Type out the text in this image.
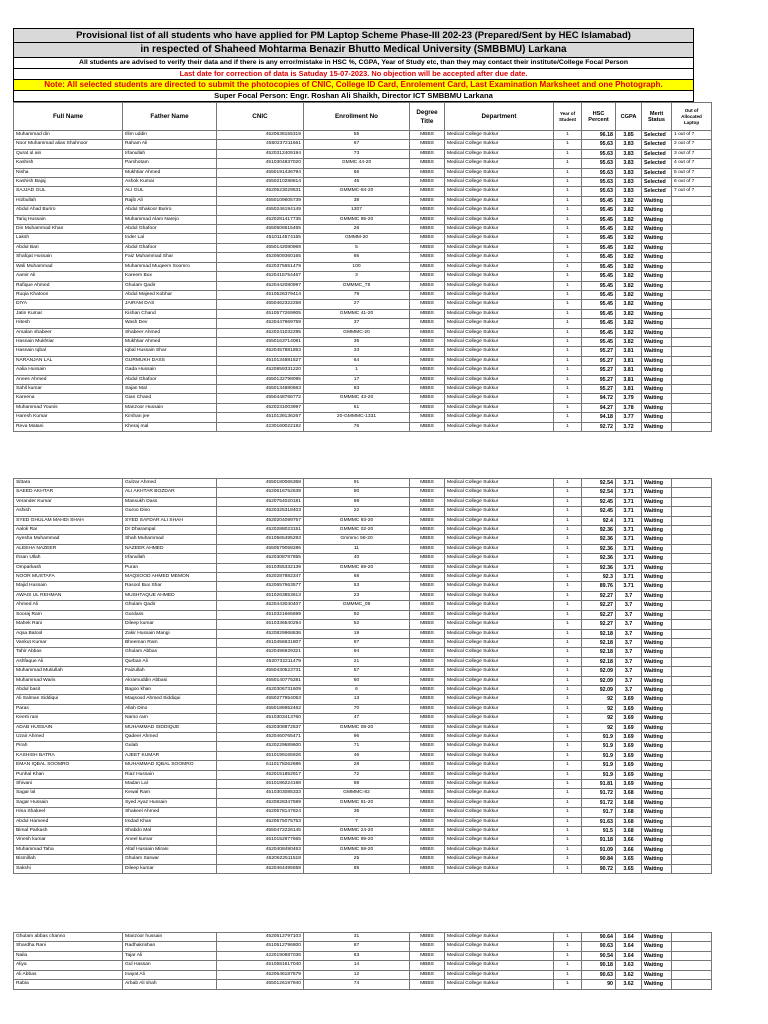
Provisional list of all students who have applied for PM Laptop Scheme Phase-III 202-23 (Prepared/Sent by HEC Islamabad)
in respected of Shaheed Mohtarma Benazir Bhutto Medical University (SMBBMU) Larkana
All students are advised to verify their data and if there is any error/mistake in HSC %, CGPA, Year of Study etc, than they may contact their institute/College Focal Person
Last date for correction of data is Satuday 15-07-2023. No objection will be accepted after due date.
Note: All selected students are directed to submit the photocopies of CNIC, College ID Card, Enrolement Card, Last Examination Marksheet and one Photograph.
Super Focal Person: Engr. Roshan Ali Shaikh, Director ICT SMBBMU Larkana
Full Name	Father Name	CNIC	Enrollment No	Degree Title	Department	Year of Student	HSC Percent	CGPA	Merit Status	Out of Allocated Laptop
Muhammad din	Illim uddin	4520638155319	55	MBBS	Medical College Sukkur	1	96.18	3.85	Selected	1 out of 7
Noor Muhammad alias Shahnoor	Raham Ali	4550237211661	67	MBBS	Medical College Sukkur	1	95.63	3.83	Selected	2 out of 7
Qurat ul ain	Irfanullah	4520312409194	73	MBBS	Medical College Sukkur	1	95.63	3.83	Selected	3 out of 7
Kashish	Parshotam	4510304837020	GMMC 44-20	MBBS	Medical College Sukkur	1	95.63	3.83	Selected	4 out of 7
Nisha	Mukhtiar Ahmed	4550191436794	66	MBBS	Medical College Sukkur	1	95.63	3.83	Selected	5 out of 7
Kashish Bajaj	Ashok Kumar	4550210288814	45	MBBS	Medical College Sukkur	1	95.63	3.83	Selected	6 out of 7
SAJJAD GUL	ALI GUL	4520523029531	GMMMC-84-20	MBBS	Medical College Sukkur	1	95.63	3.83	Selected	7 out of 7
Hizbullah	Rajib Ali	4550109605739	38	MBBS	Medical College Sukkur	1	95.45	3.82	Waiting	
Abdul Ahad Buriro	Abdul Shakoor Buriro	4550246194149	1307	MBBS	Medical College Sukkur	1	95.45	3.82	Waiting	
Tariq Hussain	Muhammad Alam Narejo	4520281417735	GMMMC 95-20	MBBS	Medical College Sukkur	1	95.45	3.82	Waiting	
Din Muhammad Khan	Abdul Ghafoor	4550506615455	26	MBBS	Medical College Sukkur	1	95.45	3.82	Waiting	
Laksh	Inder Lal	4510114574155	GMMM-20	MBBS	Medical College Sukkur	1	95.45	3.82	Waiting	
Abdul Bari	Abdul Ghafoor	4550142080969	5	MBBS	Medical College Sukkur	1	95.45	3.82	Waiting	
Shafqat Hussain	Faiz Muhammad Shar	4520609360165	86	MBBS	Medical College Sukkur	1	95.45	3.82	Waiting	
Wali Muhammad	Muhammad Muqeem Soomro	4520375651479	100	MBBS	Medical College Sukkur	1	95.45	3.82	Waiting	
Aamir Ali	Kareem Bux	4520415754467	3	MBBS	Medical College Sukkur	1	95.45	3.82	Waiting	
Rafique Ahmed	Ghulam Qadir	4520442080997	GMMMC_75	MBBS	Medical College Sukkur	1	95.45	3.82	Waiting	
Ruqia Khatoon	Abdul Majeed Kobhar	4510526379414	79	MBBS	Medical College Sukkur	1	95.45	3.82	Waiting	
DIYA	JAIRAM DAS	4550462322258	27	MBBS	Medical College Sukkur	1	95.45	3.82	Waiting	
Jatin Kumar	Kishan Chand	4510577269905	GMMMC 41-20	MBBS	Medical College Sukkur	1	95.45	3.82	Waiting	
Hitesh	Wash Dev	4520447969759	37	MBBS	Medical College Sukkur	1	95.45	3.82	Waiting	
Arsalan shabeer	Shabeer Ahmed	4520241032295	GMMMC-20	MBBS	Medical College Sukkur	1	95.45	3.82	Waiting	
Hasnain Mukhtiar	Mukhtiar Ahmed	4550163714081	35	MBBS	Medical College Sukkur	1	95.45	3.82	Waiting	
Hasnain Iqbal	Iqbal Hussain Shar	4520457881853	33	MBBS	Medical College Sukkur	1	95.27	3.81	Waiting	
NARANJAN LAL	GURMUKH DASS	4510134881527	64	MBBS	Medical College Sukkur	1	95.27	3.81	Waiting	
Aalia Hussain	Gada Hussain	4520859331220	1	MBBS	Medical College Sukkur	1	95.27	3.81	Waiting	
Anees Ahmed	Abdul Ghafoor	4550132798095	17	MBBS	Medical College Sukkur	1	95.27	3.81	Waiting	
Sahil kumar	Sajan Mal	4550134880663	83	MBBS	Medical College Sukkur	1	95.27	3.81	Waiting	
Kareena	Gian Chand	4550448766772	GMMMC 43-20	MBBS	Medical College Sukkur	1	94.72	3.79	Waiting	
Muhammad Younis	Manzoor Hussain	4520231003997	61	MBBS	Medical College Sukkur	1	94.27	3.78	Waiting	
Haresh Kumar	Kirshan jee	4510139136267	20-GMMMC-1331	MBBS	Medical College Sukkur	1	94.18	3.77	Waiting	
Reva Matani	Kheraj mal	4230160022192	76	MBBS	Medical College Sukkur	1	92.72	3.72	Waiting	
Sittara	Gulzar Ahmed	4550180065368	91	MBBS	Medical College Sukkur	1	92.54	3.71	Waiting	
SAEED AKHTAR	ALI AKHTAR BOZDAR	4520616752639	80	MBBS	Medical College Sukkur	1	92.54	3.71	Waiting	
Verander Kumar	Mansukh Dass	4520754020181	98	MBBS	Medical College Sukkur	1	92.45	3.71	Waiting	
Ashish	Guroo Dino	4520325318403	22	MBBS	Medical College Sukkur	1	92.45	3.71	Waiting	
SYED GHULAM MAHDI SHAH	SYED SAFDAR ALI SHAH	4520204099757	GMMMC 93-20	MBBS	Medical College Sukkur	1	92.4	3.71	Waiting	
Aalok Rai	Dr Dharampal	4520288023151	GMMMC 02-20	MBBS	Medical College Sukkur	1	92.36	3.71	Waiting	
Ayesha Muhammad	Shah Muhammad	4510565495293	Gmmmc 58-20	MBBS	Medical College Sukkur	1	92.36	3.71	Waiting	
ALEEHA NAZEER	NAZEER AHMED	4550579058286	11	MBBS	Medical College Sukkur	1	92.36	3.71	Waiting	
Ihsan Ullah	Irfanullah	4520308787855	40	MBBS	Medical College Sukkur	1	92.36	3.71	Waiting	
Omparkash	Puran	4510355332139	GMMMC 69-20	MBBS	Medical College Sukkur	1	92.36	3.71	Waiting	
NOOR MUSTAFA	MAQSOOD AHMED MEMON	4520287882347	68	MBBS	Medical College Sukkur	1	92.3	3.71	Waiting	
Majid Hussain	Rasool Bux Shar	4520657663577	53	MBBS	Medical College Sukkur	1	89.76	3.71	Waiting	
AWAIS UL REHMAN	MUSHTAQUE AHMED	4510263853613	23	MBBS	Medical College Sukkur	1	92.27	3.7	Waiting	
Ahmed Ali	Ghulam Qadir	4520443040407	GMMMC_09	MBBS	Medical College Sukkur	1	92.27	3.7	Waiting	
Sooraj Ram	Gurdass	4510321665699	92	MBBS	Medical College Sukkur	1	92.27	3.7	Waiting	
Mahek Rani	Dileep kumar	4510336540294	52	MBBS	Medical College Sukkur	1	92.27	3.7	Waiting	
Aqsa Batool	Zakir Hussain Mangi	4520829968636	19	MBBS	Medical College Sukkur	1	92.18	3.7	Waiting	
Vankut Kumar	Bheeman Ram	4510456631807	97	MBBS	Medical College Sukkur	1	92.18	3.7	Waiting	
Tahir Abbas	Ghulam Abbas	4520496929321	94	MBBS	Medical College Sukkur	1	92.18	3.7	Waiting	
Ashfaque Ali	Qurban Ali	4520732211479	21	MBBS	Medical College Sukkur	1	92.18	3.7	Waiting	
Muhammad Mutiullah	Faizullah	4550430523731	57	MBBS	Medical College Sukkur	1	92.09	3.7	Waiting	
Muhammad Waris	Akramuddin Abbasi	4550140775281	60	MBBS	Medical College Sukkur	1	92.09	3.7	Waiting	
Abdul basit	Bagoo khan	4520306731609	6	MBBS	Medical College Sukkur	1	92.09	3.7	Waiting	
Ali Salman Siddiqui	Maqsood Ahmed Siddiqui	4550277954053	13	MBBS	Medical College Sukkur	1	92	3.69	Waiting	
Paras	Allah Dino	4550186952462	70	MBBS	Medical College Sukkur	1	92	3.69	Waiting	
Keerti rani	Narso ram	4510303413760	47	MBBS	Medical College Sukkur	1	92	3.69	Waiting	
ADAB HUSSAIN	MUHAMMAD SIDDIQUE	4520308872537	GMMMC 08-20	MBBS	Medical College Sukkur	1	92	3.69	Waiting	
Uzair Ahmed	Qadeer Ahmed	4520460765471	96	MBBS	Medical College Sukkur	1	91.9	3.69	Waiting	
Pirah	Gulab	4520229689600	71	MBBS	Medical College Sukkur	1	91.9	3.69	Waiting	
KASHISH BATRA	AJEET KUMAR	4510199165926	46	MBBS	Medical College Sukkur	1	91.9	3.69	Waiting	
EMAN IQBAL SOOMRO	MUHAMMAD IQBAL SOOMRO	6110178262686	28	MBBS	Medical College Sukkur	1	91.9	3.69	Waiting	
Punhal Khan	Riaz Hussain	4520151852917	72	MBBS	Medical College Sukkur	1	91.9	3.69	Waiting	
Shivani	Madan Lal	4510186224198	88	MBBS	Medical College Sukkur	1	91.81	3.69	Waiting	
Sagar lal	Kewal Ram	4510303085333	GMMMC-82	MBBS	Medical College Sukkur	1	91.72	3.68	Waiting	
Sagar Hussain	Syed Ayaz Hussain	4520828347599	GMMMC 81-20	MBBS	Medical College Sukkur	1	91.72	3.68	Waiting	
Hina Shakeel	Shakeel Ahmed	4520578147824	36	MBBS	Medical College Sukkur	1	91.7	3.68	Waiting	
Abdul Hameed	Imdad Khan	4520575075753	7	MBBS	Medical College Sukkur	1	91.63	3.68	Waiting	
Bimal Parkash	Shabdo Mal	4550472226145	GMMMC 24-20	MBBS	Medical College Sukkur	1	91.5	3.68	Waiting	
Vinesh kumar	Aneel kumar	4510152977665	GMMMC 99-20	MBBS	Medical College Sukkur	1	91.18	3.66	Waiting	
Muhammad Taha	Altaf Hussain Mirani	4520408490463	GMMMC 59-20	MBBS	Medical College Sukkur	1	91.09	3.66	Waiting	
Bismillah	Ghulam Sarwar	4520622511518	25	MBBS	Medical College Sukkur	1	90.84	3.65	Waiting	
Sakshi	Dileep kumar	4520464495558	85	MBBS	Medical College Sukkur	1	90.72	3.65	Waiting	
Ghulam abbas channo	Manzoor hussain	4520512797103	31	MBBS	Medical College Sukkur	1	90.64	3.64	Waiting	
Shardha Rani	Radhakrishan	4510512796800	87	MBBS	Medical College Sukkur	1	90.63	3.64	Waiting	
Naila	Tajar Ali	4220190687036	63	MBBS	Medical College Sukkur	1	90.54	3.64	Waiting	
Aliya	Gul Hassan	4510581617040	14	MBBS	Medical College Sukkur	1	90.18	3.63	Waiting	
Ali Abbas	Inayat Ali	4520546187579	12	MBBS	Medical College Sukkur	1	90.63	3.62	Waiting	
Rabia	Arbab Ali shah	4550126197940	74	MBBS	Medical College Sukkur	1	90	3.62	Waiting	
